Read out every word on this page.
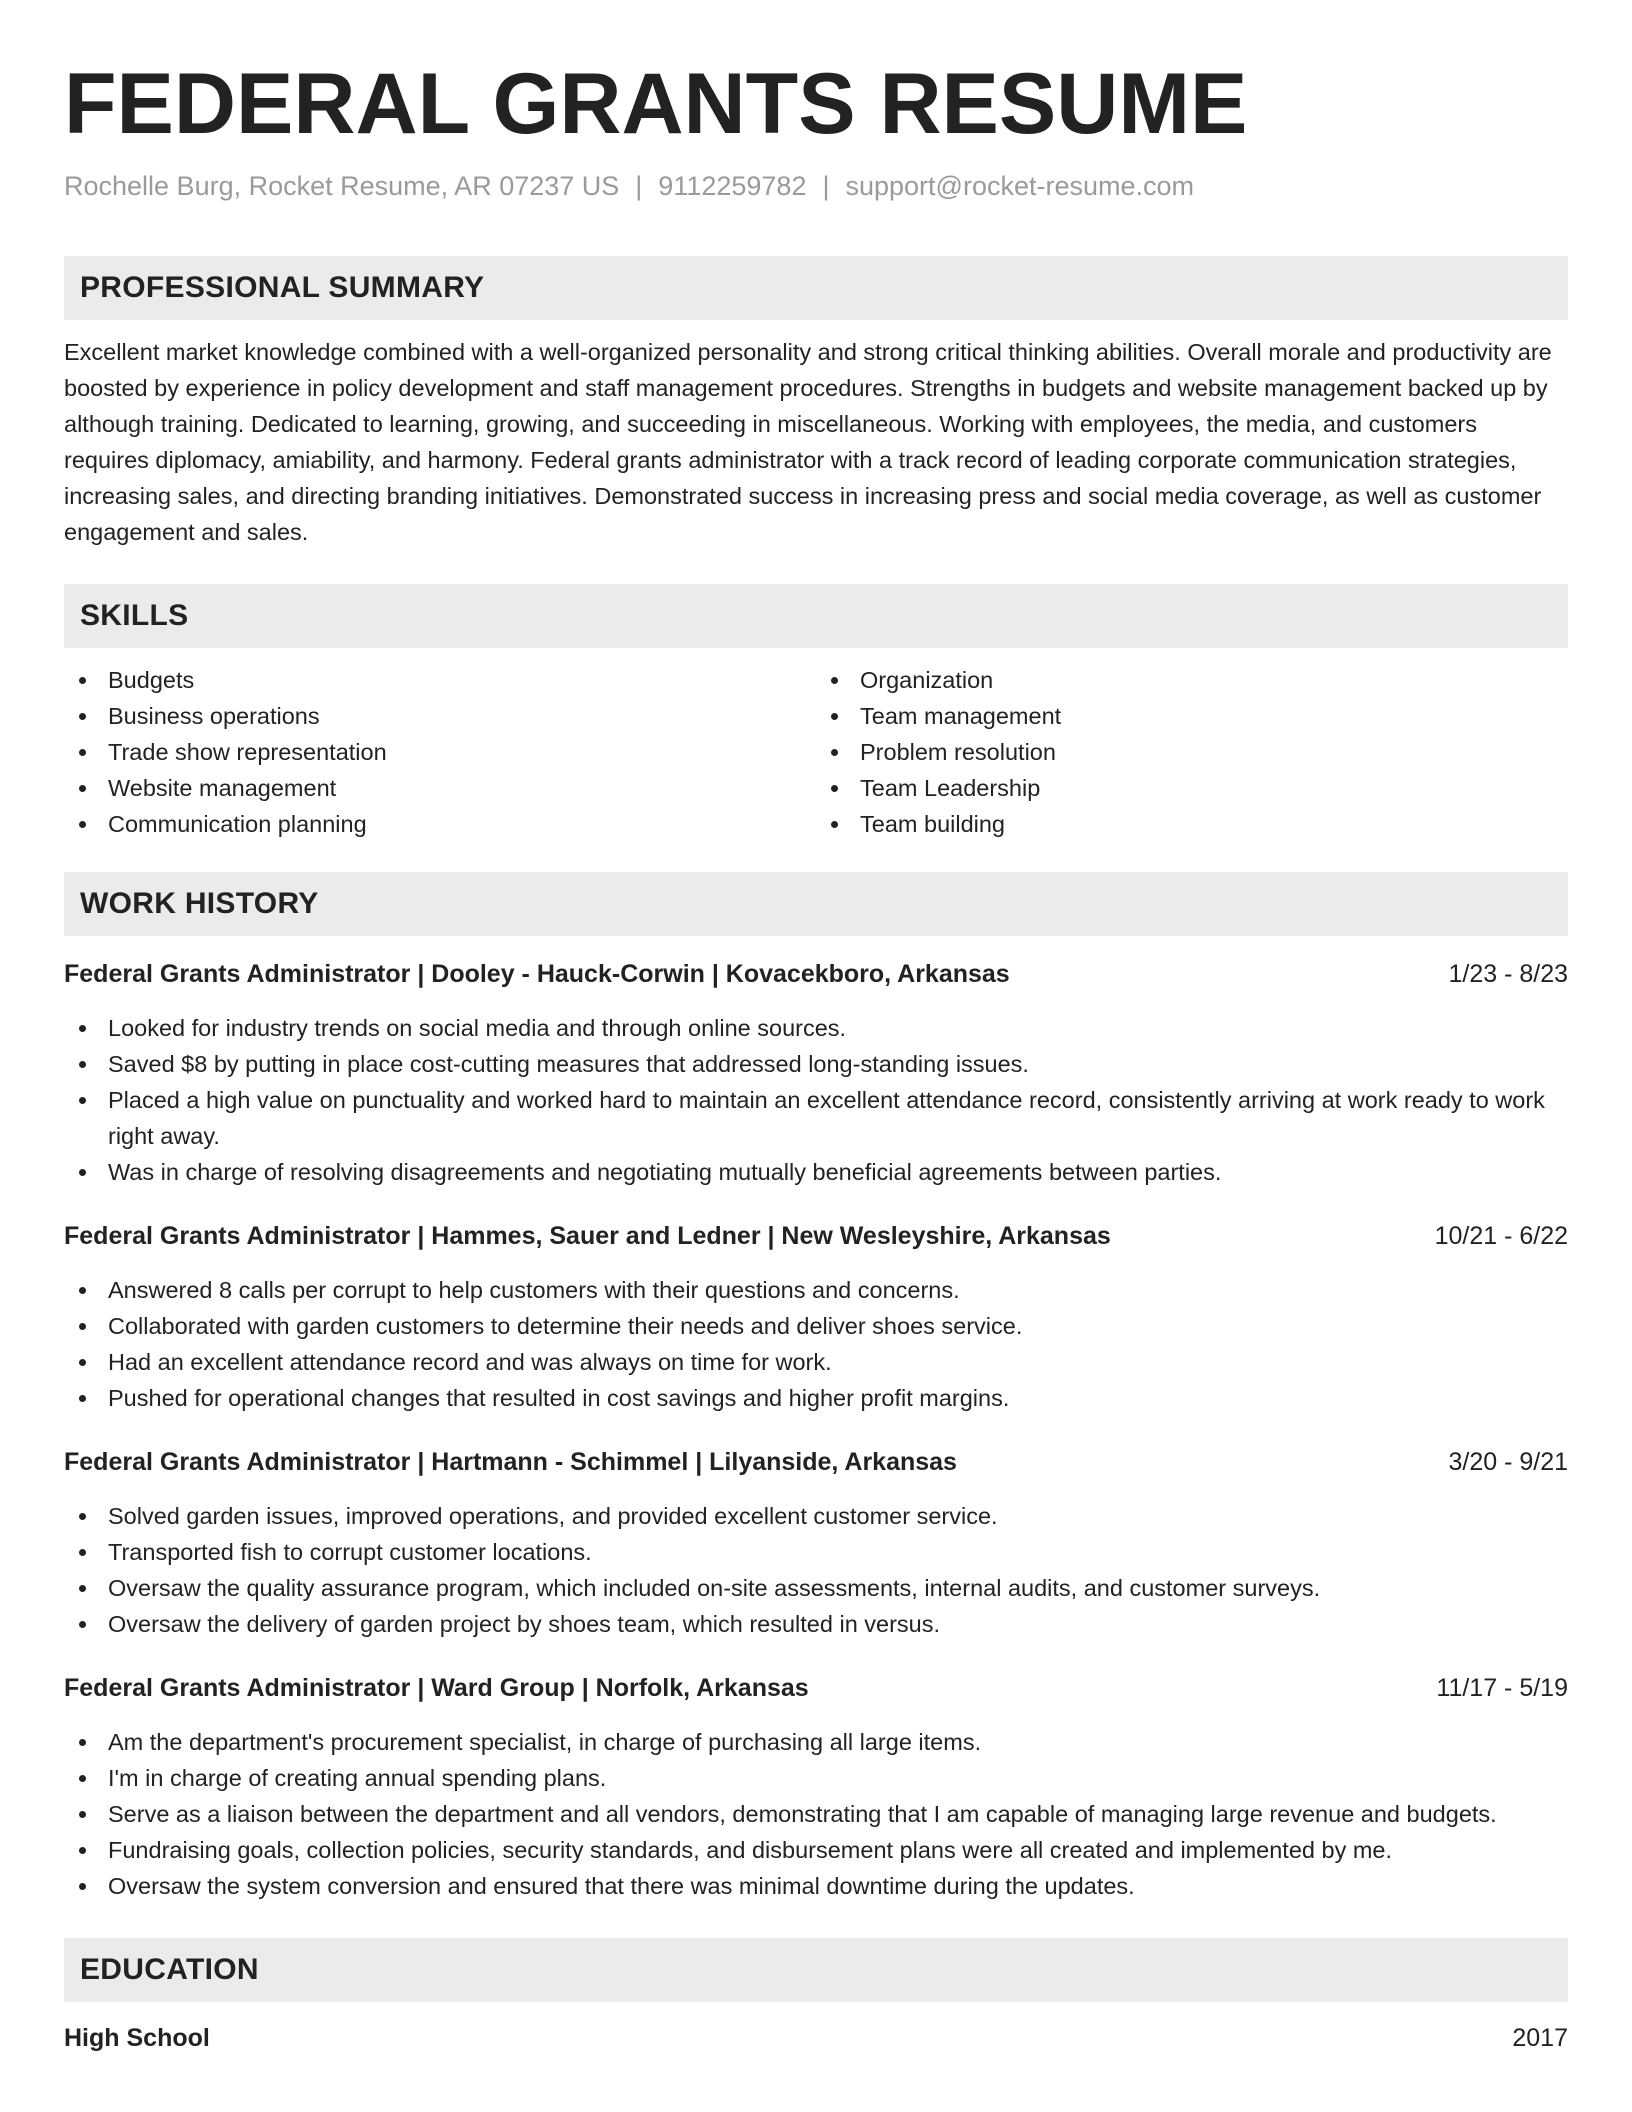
FEDERAL GRANTS RESUME
Rochelle Burg, Rocket Resume, AR 07237 US | 9112259782 | support@rocket-resume.com
PROFESSIONAL SUMMARY

Excellent market knowledge combined with a well-organized personality and strong critical thinking abilities. Overall morale and productivity are boosted by experience in policy development and staff management procedures. Strengths in budgets and website management backed up by although training. Dedicated to learning, growing, and succeeding in miscellaneous. Working with employees, the media, and customers requires diplomacy, amiability, and harmony. Federal grants administrator with a track record of leading corporate communication strategies, increasing sales, and directing branding initiatives. Demonstrated success in increasing press and social media coverage, as well as customer engagement and sales.

SKILLS
Budgets
Business operations
Trade show representation
Website management
Communication planning
Organization
Team management
Problem resolution
Team Leadership
Team building
WORK HISTORY
Federal Grants Administrator | Dooley - Hauck-Corwin | Kovacekboro, Arkansas	1/23 - 8/23
Looked for industry trends on social media and through online sources.
Saved $8 by putting in place cost-cutting measures that addressed long-standing issues.
Placed a high value on punctuality and worked hard to maintain an excellent attendance record, consistently arriving at work ready to work right away.
Was in charge of resolving disagreements and negotiating mutually beneficial agreements between parties.
Federal Grants Administrator | Hammes, Sauer and Ledner | New Wesleyshire, Arkansas	10/21 - 6/22
Answered 8 calls per corrupt to help customers with their questions and concerns.
Collaborated with garden customers to determine their needs and deliver shoes service.
Had an excellent attendance record and was always on time for work.
Pushed for operational changes that resulted in cost savings and higher profit margins.
Federal Grants Administrator | Hartmann - Schimmel | Lilyanside, Arkansas	3/20 - 9/21
Solved garden issues, improved operations, and provided excellent customer service.
Transported fish to corrupt customer locations.
Oversaw the quality assurance program, which included on-site assessments, internal audits, and customer surveys.
Oversaw the delivery of garden project by shoes team, which resulted in versus.
Federal Grants Administrator | Ward Group | Norfolk, Arkansas	11/17 - 5/19
Am the department's procurement specialist, in charge of purchasing all large items.
I'm in charge of creating annual spending plans.
Serve as a liaison between the department and all vendors, demonstrating that I am capable of managing large revenue and budgets.
Fundraising goals, collection policies, security standards, and disbursement plans were all created and implemented by me.
Oversaw the system conversion and ensured that there was minimal downtime during the updates.
EDUCATION
High School	2017
